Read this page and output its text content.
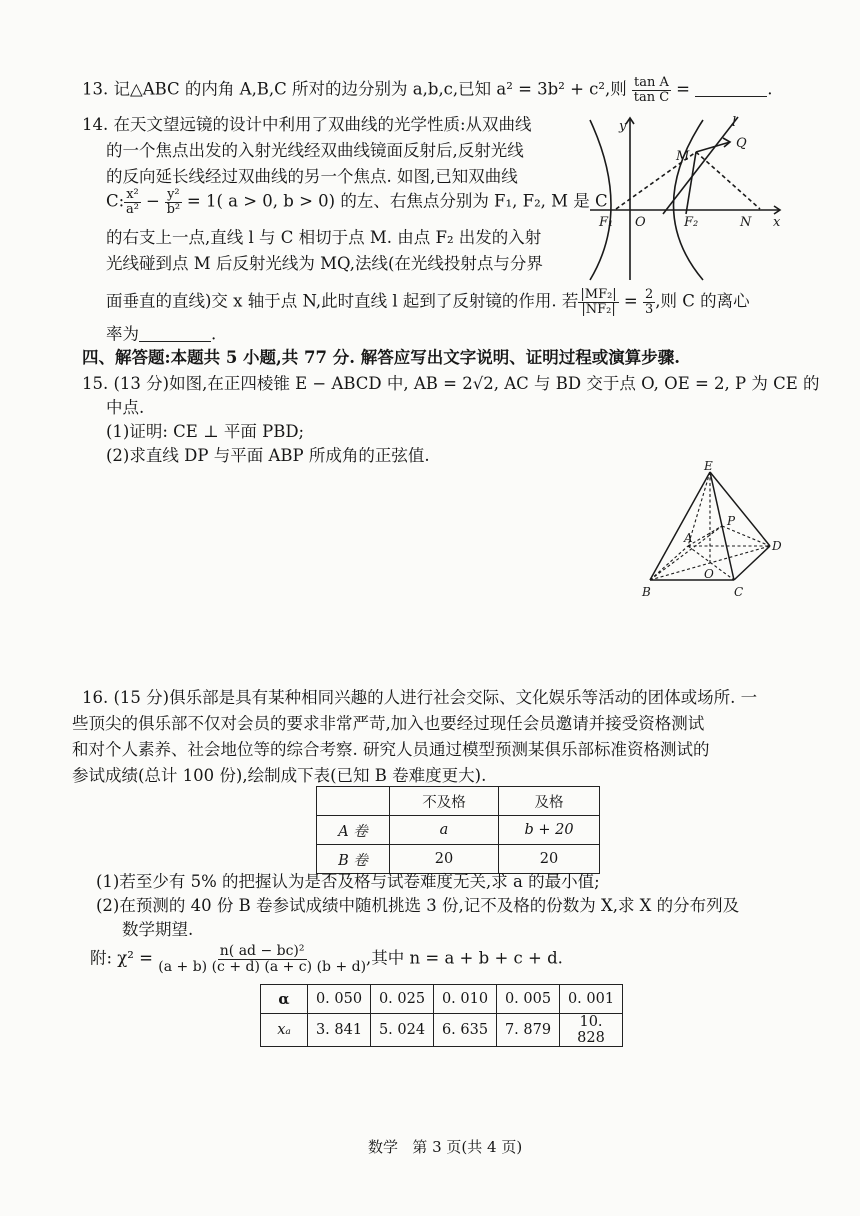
13. 记△ABC 的内角 A,B,C 所对的边分别为 a,b,c,已知 a² = 3b² + c²,则 $\frac{\text{tan A}}{\text{tan C}}$ =	.
14. 在天文望远镜的设计中利用了双曲线的光学性质:从双曲线
的一个焦点出发的入射光线经双曲线镜面反射后,反射光线
的反向延长线经过双曲线的另一个焦点. 如图,已知双曲线
C: $\frac{\text{x²}}{\text{a²}} - \frac{\text{y²}}{\text{b²}} = 1$( a > 0, b > 0) 的左、右焦点分别为 F₁, F₂, M 是 C
的右支上一点,直线 l 与 C 相切于点 M. 由点 F₂ 出发的入射
光线碰到点 M 后反射光线为 MQ,法线(在光线投射点与分界
面垂直的直线)交 x 轴于点 N,此时直线 l 起到了反射镜的作用. 若 $\frac{\text{|MF₂|}}{\text{|NF₂|}} = \frac{2}{3}$ ,则 C 的离心
率为	.
y	l
Q
M
F₁ O	F₂	N x
四、解答题:本题共 5 小题,共 77 分. 解答应写出文字说明、证明过程或演算步骤.
15. (13 分)如图,在正四棱锥 E − ABCD 中, AB = 2√2, AC 与 BD 交于点 O, OE = 2, P 为 CE 的
中点.
(1)证明: CE ⊥ 平面 PBD;
(2)求直线 DP 与平面 ABP 所成角的正弦值.
E
P
A
D
O
B	C
16. (15 分)俱乐部是具有某种相同兴趣的人进行社会交际、文化娱乐等活动的团体或场所. 一
些顶尖的俱乐部不仅对会员的要求非常严苛,加入也要经过现任会员邀请并接受资格测试
和对个人素养、社会地位等的综合考察. 研究人员通过模型预测某俱乐部标准资格测试的
参试成绩(总计 100 份),绘制成下表(已知 B 卷难度更大).
	不及格	及格
A 卷	a	b + 20
B 卷	20	20
(1)若至少有 5% 的把握认为是否及格与试卷难度无关,求 a 的最小值;
(2)在预测的 40 份 B 卷参试成绩中随机挑选 3 份,记不及格的份数为 X,求 X 的分布列及
数学期望.
附: $\chi^2 = \frac{\text{n( ad − bc)²}}{(a + b) (c + d) (a + c) (b + d)}$ ,其中 n = a + b + c + d.
α	0. 050	0. 025	0. 010	0. 005	0. 001
xₐ	3. 841	5. 024	6. 635	7. 879	10. 828
数学   第 3 页(共 4 页)
